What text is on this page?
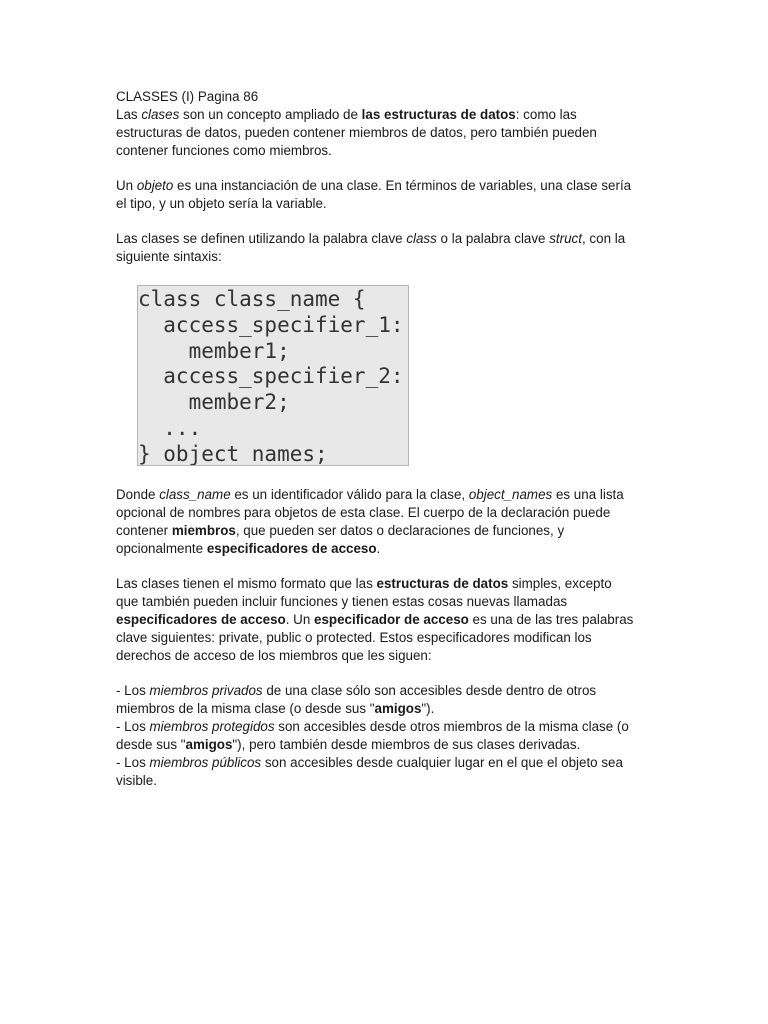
CLASSES (I) Pagina 86
Las clases son un concepto ampliado de las estructuras de datos: como las
estructuras de datos, pueden contener miembros de datos, pero también pueden
contener funciones como miembros.
Un objeto es una instanciación de una clase. En términos de variables, una clase sería
el tipo, y un objeto sería la variable.
Las clases se definen utilizando la palabra clave class o la palabra clave struct, con la
siguiente sintaxis:
class class_name {
access_specifier_1:
member1;
access_specifier_2:
member2;
...
} object_names;
Donde class_name es un identificador válido para la clase, object_names es una lista
opcional de nombres para objetos de esta clase. El cuerpo de la declaración puede
contener miembros, que pueden ser datos o declaraciones de funciones, y
opcionalmente especificadores de acceso.
Las clases tienen el mismo formato que las estructuras de datos simples, excepto
que también pueden incluir funciones y tienen estas cosas nuevas llamadas
especificadores de acceso. Un especificador de acceso es una de las tres palabras
clave siguientes: private, public o protected. Estos especificadores modifican los
derechos de acceso de los miembros que les siguen:
- Los miembros privados de una clase sólo son accesibles desde dentro de otros
miembros de la misma clase (o desde sus "amigos").
- Los miembros protegidos son accesibles desde otros miembros de la misma clase (o
desde sus "amigos"), pero también desde miembros de sus clases derivadas.
- Los miembros públicos son accesibles desde cualquier lugar en el que el objeto sea
visible.
